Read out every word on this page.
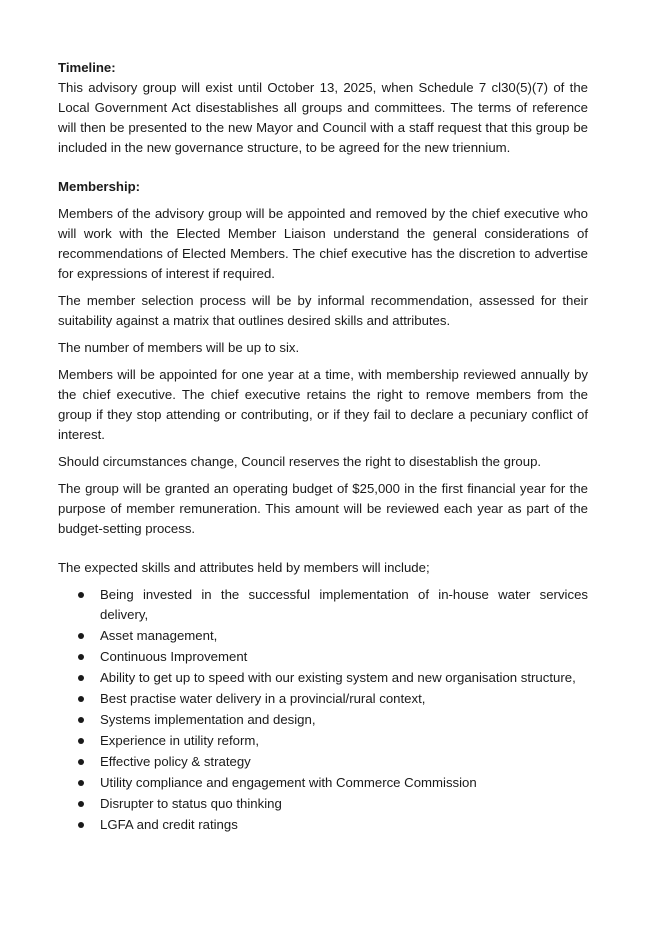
Timeline:

This advisory group will exist until October 13, 2025, when Schedule 7 cl30(5)(7) of the Local Government Act disestablishes all groups and committees. The terms of reference will then be presented to the new Mayor and Council with a staff request that this group be included in the new governance structure, to be agreed for the new triennium.

Membership:

Members of the advisory group will be appointed and removed by the chief executive who will work with the Elected Member Liaison understand the general considerations of recommendations of Elected Members. The chief executive has the discretion to advertise for expressions of interest if required.

The member selection process will be by informal recommendation, assessed for their suitability against a matrix that outlines desired skills and attributes.

The number of members will be up to six.

Members will be appointed for one year at a time, with membership reviewed annually by the chief executive. The chief executive retains the right to remove members from the group if they stop attending or contributing, or if they fail to declare a pecuniary conflict of interest.

Should circumstances change, Council reserves the right to disestablish the group.

The group will be granted an operating budget of $25,000 in the first financial year for the purpose of member remuneration. This amount will be reviewed each year as part of the budget-setting process.

The expected skills and attributes held by members will include;

Being invested in the successful implementation of in-house water services delivery,
Asset management,
Continuous Improvement
Ability to get up to speed with our existing system and new organisation structure,
Best practise water delivery in a provincial/rural context,
Systems implementation and design,
Experience in utility reform,
Effective policy & strategy
Utility compliance and engagement with Commerce Commission
Disrupter to status quo thinking
LGFA and credit ratings
